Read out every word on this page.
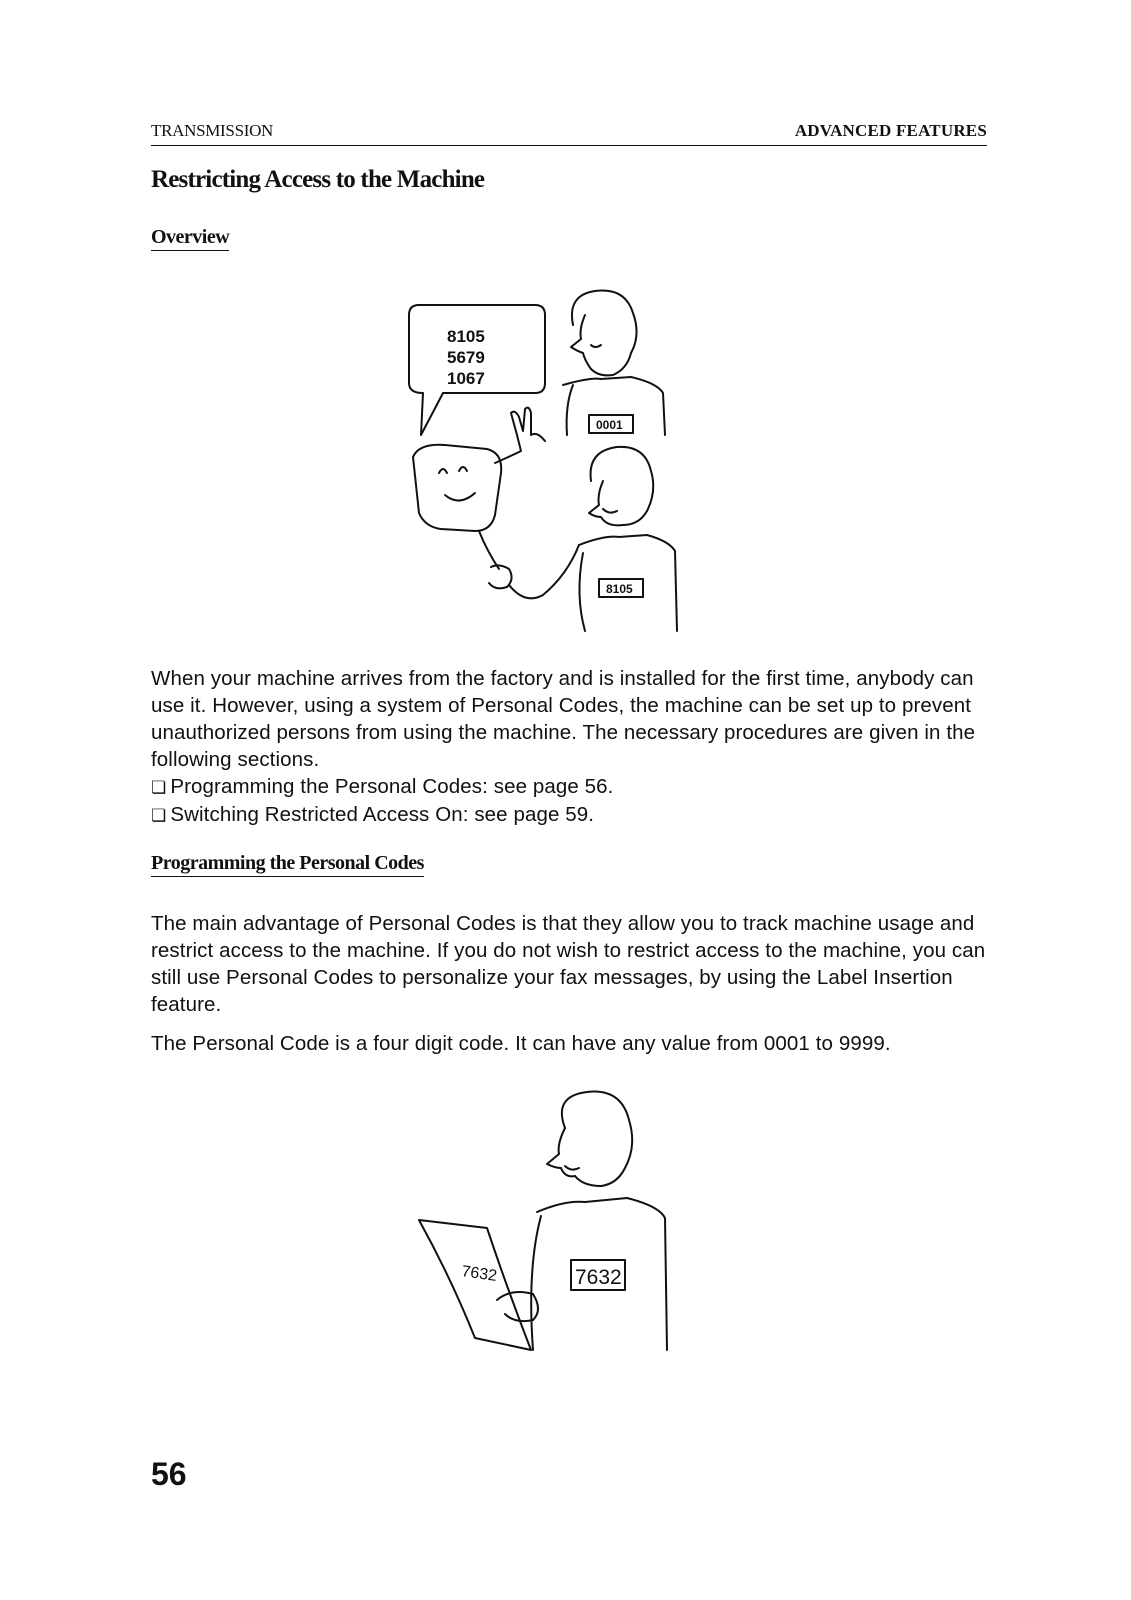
TRANSMISSION	ADVANCED FEATURES
Restricting Access to the Machine
Overview
8105
5679
1067
0001
8105

When your machine arrives from the factory and is installed for the first time, anybody can use it. However, using a system of Personal Codes, the machine can be set up to prevent unauthorized persons from using the machine. The necessary procedures are given in the following sections.

❏ Programming the Personal Codes: see page 56.

❏ Switching Restricted Access On: see page 59.

Programming the Personal Codes

The main advantage of Personal Codes is that they allow you to track machine usage and restrict access to the machine. If you do not wish to restrict access to the machine, you can still use Personal Codes to personalize your fax messages, by using the Label Insertion feature.

The Personal Code is a four digit code. It can have any value from 0001 to 9999.

7632
7632
56
